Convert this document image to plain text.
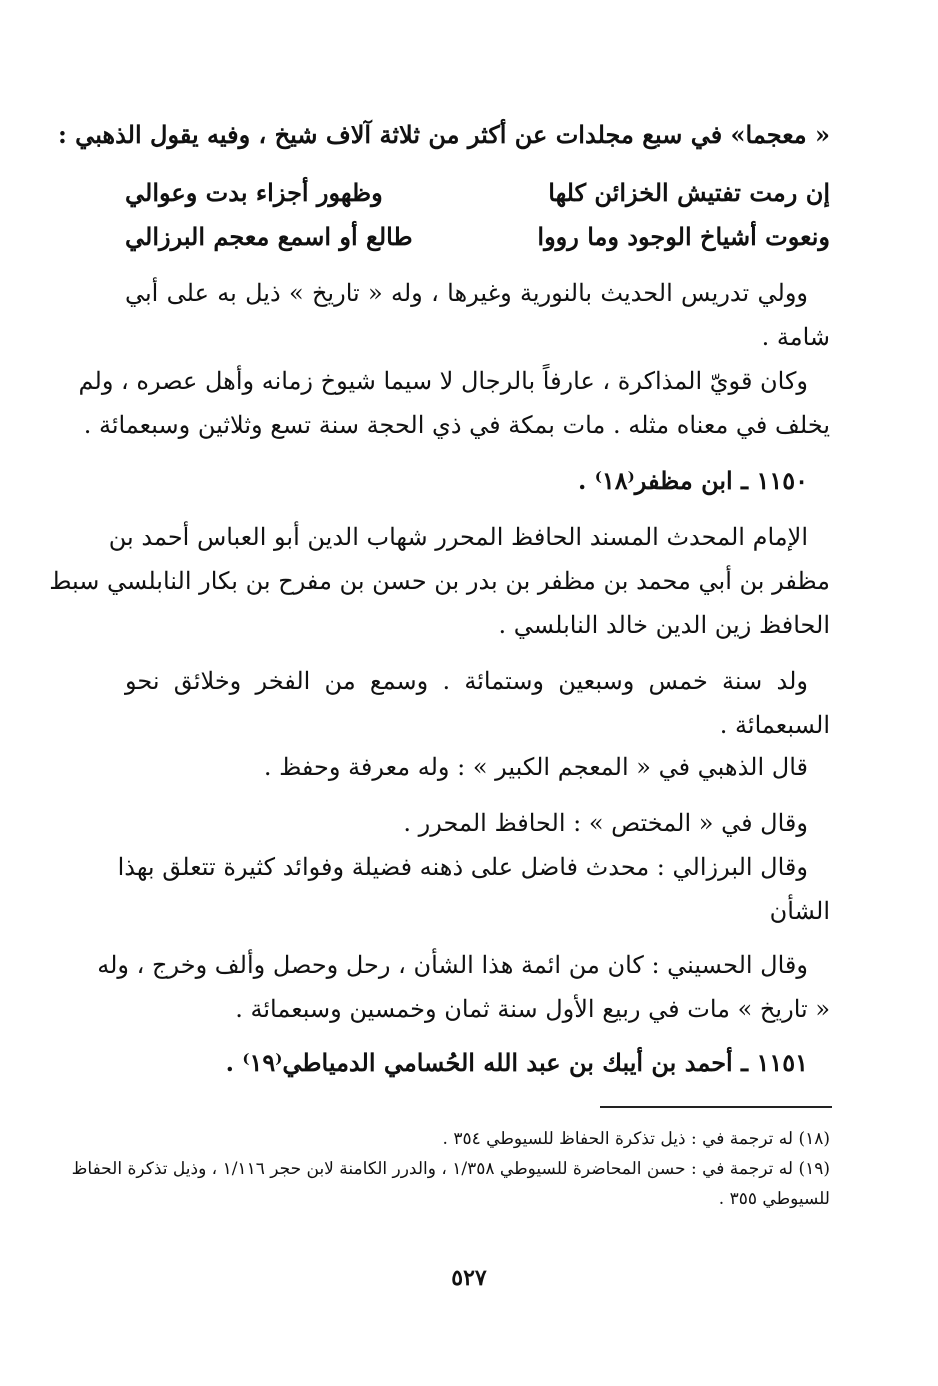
« معجما» في سبع مجلدات عن أكثر من ثلاثة آلاف شيخ ، وفيه يقول الذهبي :
إن رمت تفتيش الخزائن كلها
وظهور أجزاء بدت وعوالي
ونعوت أشياخ الوجود وما رووا
طالع أو اسمع معجم البرزالي
وولي تدريس الحديث بالنورية وغيرها ، وله « تاريخ » ذيل به على أبي
شامة .
وكان قويّ المذاكرة ، عارفاً بالرجال لا سيما شيوخ زمانه وأهل عصره ، ولم
يخلف في معناه مثله . مات بمكة في ذي الحجة سنة تسع وثلاثين وسبعمائة .
١١٥٠ ـ ابن مظفر⁽١٨⁾ .
الإمام المحدث المسند الحافظ المحرر شهاب الدين أبو العباس أحمد بن
مظفر بن أبي محمد بن مظفر بن بدر بن حسن بن مفرح بن بكار النابلسي سبط
الحافظ زين الدين خالد النابلسي .
ولد سنة خمس وسبعين وستمائة . وسمع من الفخر وخلائق نحو
السبعمائة .
قال الذهبي في « المعجم الكبير » : وله معرفة وحفظ .
وقال في « المختص » : الحافظ المحرر .
وقال البرزالي : محدث فاضل على ذهنه فضيلة وفوائد كثيرة تتعلق بهذا
الشأن
وقال الحسيني : كان من ائمة هذا الشأن ، رحل وحصل وألف وخرج ، وله
« تاريخ » مات في ربيع الأول سنة ثمان وخمسين وسبعمائة .
١١٥١ ـ أحمد بن أيبك بن عبد الله الحُسامي الدمياطي⁽١٩⁾ .
(١٨) له ترجمة في : ذيل تذكرة الحفاظ للسيوطي ٣٥٤ .
(١٩) له ترجمة في : حسن المحاضرة للسيوطي ١/٣٥٨ ، والدرر الكامنة لابن حجر ١/١١٦ ، وذيل تذكرة الحفاظ
للسيوطي ٣٥٥ .
٥٢٧
